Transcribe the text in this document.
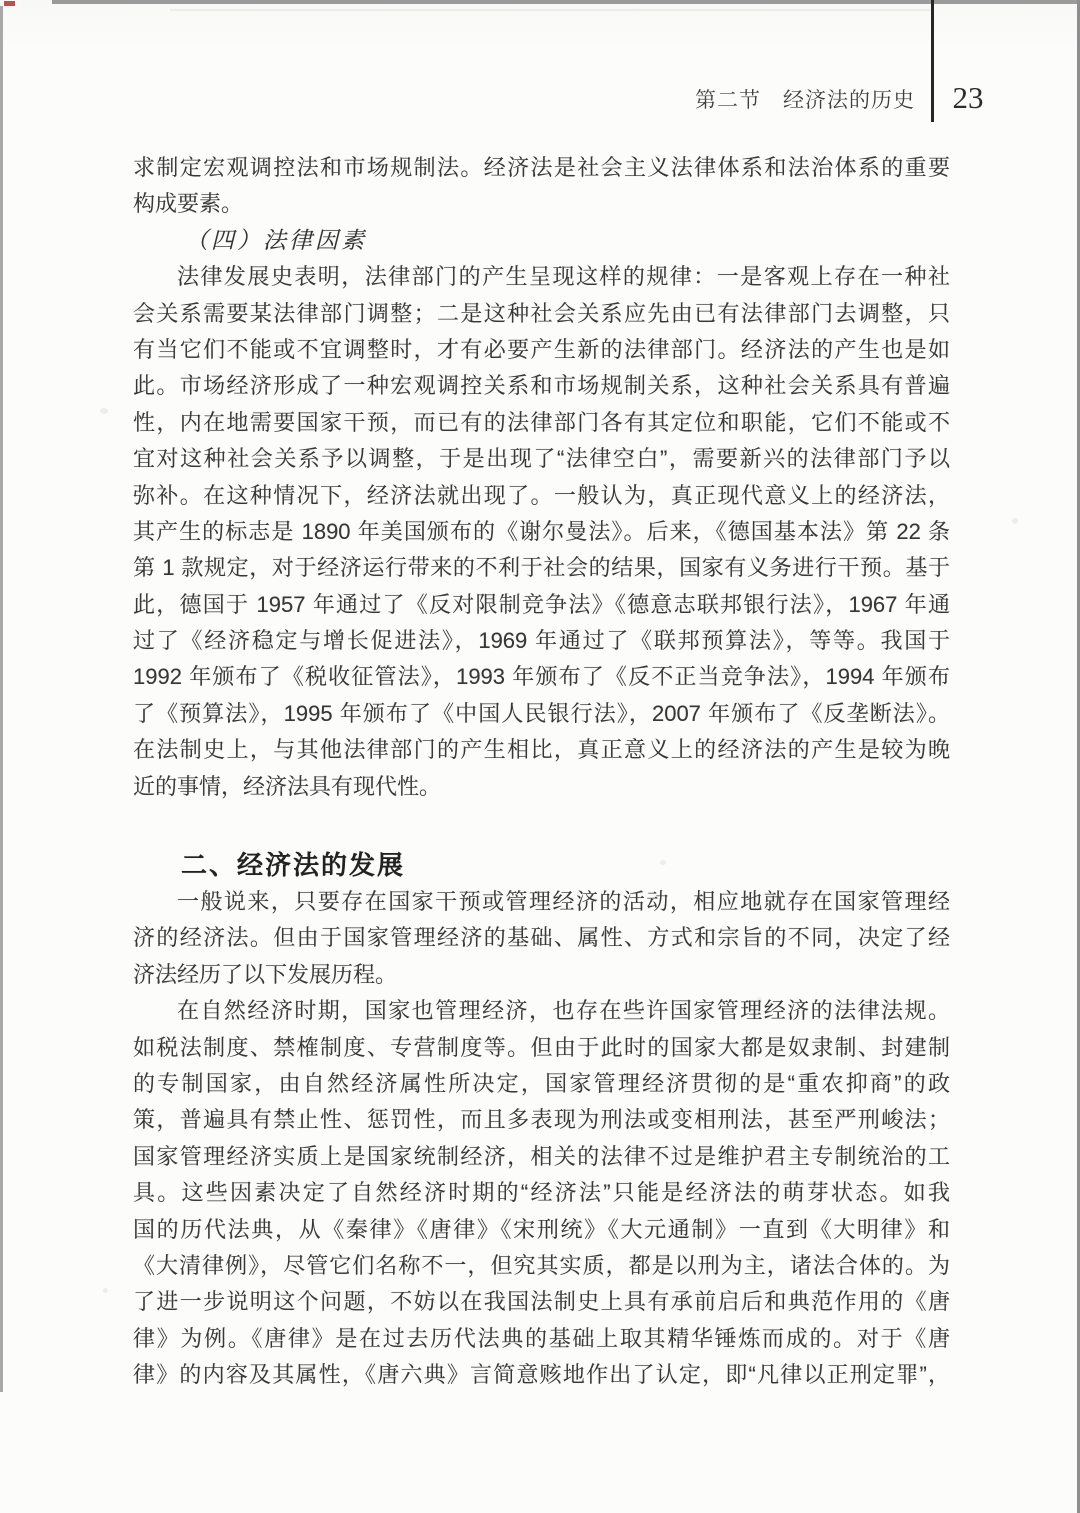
第二节　经济法的历史 23
求制定宏观调控法和市场规制法。经济法是社会主义法律体系和法治体系的重要
构成要素。
（四）法律因素
法律发展史表明，法律部门的产生呈现这样的规律：一是客观上存在一种社
会关系需要某法律部门调整；二是这种社会关系应先由已有法律部门去调整，只
有当它们不能或不宜调整时，才有必要产生新的法律部门。经济法的产生也是如
此。市场经济形成了一种宏观调控关系和市场规制关系，这种社会关系具有普遍
性，内在地需要国家干预，而已有的法律部门各有其定位和职能，它们不能或不
宜对这种社会关系予以调整，于是出现了“法律空白”，需要新兴的法律部门予以
弥补。在这种情况下，经济法就出现了。一般认为，真正现代意义上的经济法，
其产生的标志是 1890 年美国颁布的《谢尔曼法》。后来，《德国基本法》第 22 条
第 1 款规定，对于经济运行带来的不利于社会的结果，国家有义务进行干预。基于
此，德国于 1957 年通过了《反对限制竞争法》《德意志联邦银行法》，1967 年通
过了《经济稳定与增长促进法》，1969 年通过了《联邦预算法》，等等。我国于
1992 年颁布了《税收征管法》，1993 年颁布了《反不正当竞争法》，1994 年颁布
了《预算法》，1995 年颁布了《中国人民银行法》，2007 年颁布了《反垄断法》。
在法制史上，与其他法律部门的产生相比，真正意义上的经济法的产生是较为晚
近的事情，经济法具有现代性。
二、经济法的发展
一般说来，只要存在国家干预或管理经济的活动，相应地就存在国家管理经
济的经济法。但由于国家管理经济的基础、属性、方式和宗旨的不同，决定了经
济法经历了以下发展历程。
在自然经济时期，国家也管理经济，也存在些许国家管理经济的法律法规。
如税法制度、禁榷制度、专营制度等。但由于此时的国家大都是奴隶制、封建制
的专制国家，由自然经济属性所决定，国家管理经济贯彻的是“重农抑商”的政
策，普遍具有禁止性、惩罚性，而且多表现为刑法或变相刑法，甚至严刑峻法；
国家管理经济实质上是国家统制经济，相关的法律不过是维护君主专制统治的工
具。这些因素决定了自然经济时期的“经济法”只能是经济法的萌芽状态。如我
国的历代法典，从《秦律》《唐律》《宋刑统》《大元通制》一直到《大明律》和
《大清律例》，尽管它们名称不一，但究其实质，都是以刑为主，诸法合体的。为
了进一步说明这个问题，不妨以在我国法制史上具有承前启后和典范作用的《唐
律》为例。《唐律》是在过去历代法典的基础上取其精华锤炼而成的。对于《唐
律》的内容及其属性，《唐六典》言简意赅地作出了认定，即“凡律以正刑定罪”，
